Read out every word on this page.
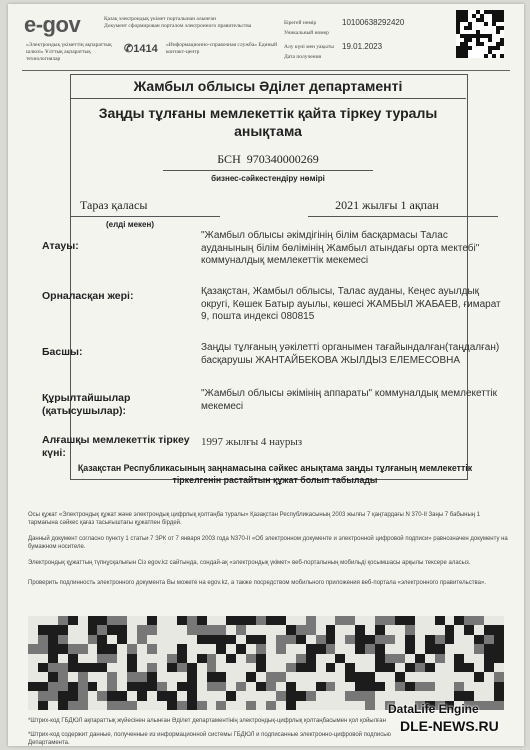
e-gov
«Электрондық үкіметтің ақпараттық шлюзі» Ұлттық ақпараттық технологиялар
Қазақ электрондық үкімет порталынан алынған
Документ сформирован порталом электронного правительства
✆1414 «Информационно-справочная служба» Единый контакт-центр
Бірегей нөмір	10100638292420
Уникальный номер
Алу күні мен уақыты	19.01.2023
Дата получения
Жамбыл облысы Әділет департаменті
Заңды тұлғаны мемлекеттік қайта тіркеу туралы анықтама
БСН 970340000269
бизнес-сәйкестендіру нөмірі
Тараз қаласы
(елді мекен)
2021 жылғы 1 ақпан
Атауы:
"Жамбыл облысы әкімдігінің білім басқармасы Талас ауданының білім бөлімінің Жамбыл атындағы орта мектебі" коммуналдық мемлекеттік мекемесі
Орналасқан жері:	Қазақстан, Жамбыл облысы, Талас ауданы, Кеңес ауылдық округі, Көшек Батыр ауылы, көшесі ЖАМБЫЛ ЖАБАЕВ, ғимарат 9, пошта индексі 080815
Басшы:	Заңды тұлғаның уәкілетті органымен тағайындалған(таңдалған) басқарушы ЖАНТАЙБЕКОВА ЖЫЛДЫЗ ЕЛЕМЕСОВНА
Құрылтайшылар (қатысушылар):
"Жамбыл облысы әкімінің аппараты" коммуналдық мемлекеттік мекемесі
Алғашқы мемлекеттік тіркеу күні:
1997 жылғы 4 наурыз
Қазақстан Республикасының заңнамасына сәйкес анықтама заңды тұлғаның мемлекеттік тіркелгенін растайтын құжат болып табылады
Осы құжат «Электрондық құжат және электрондық цифрлық қолтаңба туралы» Қазақстан Республикасының 2003 жылғы 7 қаңтардағы N 370-II Заңы 7 бабының 1 тармағына сәйкес қағаз тасығыштағы құжатпен бірдей.
Данный документ согласно пункту 1 статьи 7 ЗРК от 7 января 2003 года N370-II «Об электронном документе и электронной цифровой подписи» равнозначен документу на бумажном носителе.
Электрондық құжаттың түпнұсқалығын Сіз egov.kz сайтында, сондай-ақ «электрондық үкімет» веб-порталының мобильді қосымшасы арқылы тексере аласыз.
Проверить подлинность электронного документа Вы можете на egov.kz, а также посредством мобильного приложения веб-портала «электронного правительства».
*Штрих-код ГБДЮЛ ақпараттық жүйесінен алынған Әділет департаментінің электрондық-цифрлық қолтаңбасымен қол қойылған
*Штрих-код содержит данные, полученные из информационной системы ГБДЮЛ и подписанные электронно-цифровой подписью Департамента.
DataLife Engine
DLE-NEWS.RU
